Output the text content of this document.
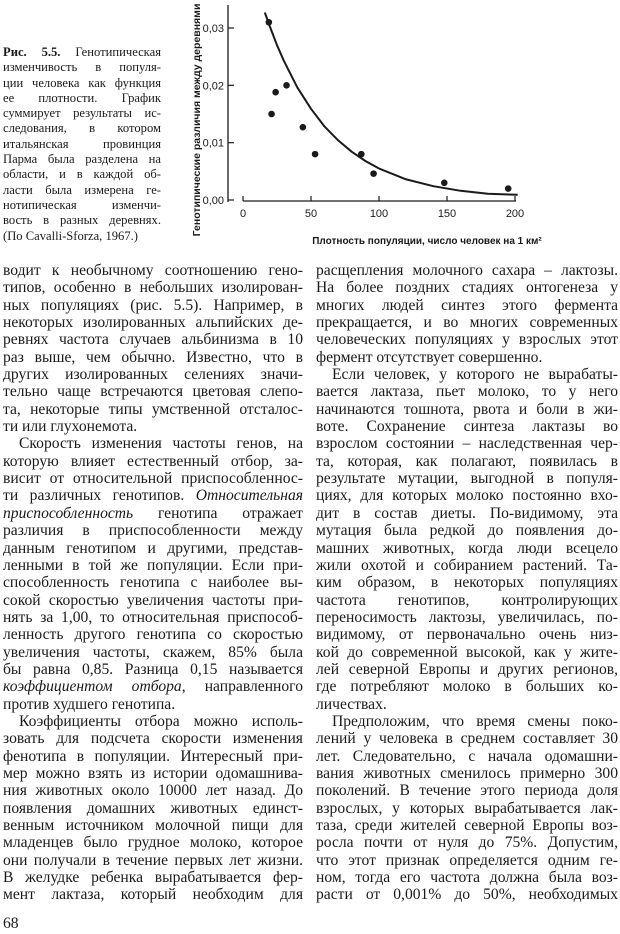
Рис. 5.5. Генотипическая
изменчивость в популя-
ции человека как функция
ее плотности. График
суммирует результаты ис-
следования, в котором
итальянская провинция
Парма была разделена на
области, и в каждой об-
ласти была измерена ге-
нотипическая изменчи-
вость в разных деревнях.
(По Cavalli-Sforza, 1967.)
0,00
0,01
0,02
0,03
0	50	100	150	200
Генотипические различия между деревнями
Плотность популяции, число человек на 1 км²
водит к необычному соотношению гено-
типов, особенно в небольших изолирован-
ных популяциях (рис. 5.5). Например, в
некоторых изолированных альпийских де-
ревнях частота случаев альбинизма в 10
раз выше, чем обычно. Известно, что в
других изолированных селениях значи-
тельно чаще встречаются цветовая слепо-
та, некоторые типы умственной отсталос-
ти или глухонемота.
Скорость изменения частоты генов, на
которую влияет естественный отбор, за-
висит от относительной приспособленнос-
ти различных генотипов. Относительная
приспособленность генотипа отражает
различия в приспособленности между
данным генотипом и другими, представ-
ленными в той же популяции. Если при-
способленность генотипа с наиболее вы-
сокой скоростью увеличения частоты при-
нять за 1,00, то относительная приспособ-
ленность другого генотипа со скоростью
увеличения частоты, скажем, 85% была
бы равна 0,85. Разница 0,15 называется
коэффициентом отбора, направленного
против худшего генотипа.
Коэффициенты отбора можно исполь-
зовать для подсчета скорости изменения
фенотипа в популяции. Интересный при-
мер можно взять из истории одомашнива-
ния животных около 10000 лет назад. До
появления домашних животных единст-
венным источником молочной пищи для
младенцев было грудное молоко, которое
они получали в течение первых лет жизни.
В желудке ребенка вырабатывается фер-
мент лактаза, который необходим для
расщепления молочного сахара – лактозы.
На более поздних стадиях онтогенеза у
многих людей синтез этого фермента
прекращается, и во многих современных
человеческих популяциях у взрослых этот
фермент отсутствует совершенно.
Если человек, у которого не вырабаты-
вается лактаза, пьет молоко, то у него
начинаются тошнота, рвота и боли в жи-
воте. Сохранение синтеза лактазы во
взрослом состоянии – наследственная чер-
та, которая, как полагают, появилась в
результате мутации, выгодной в популя-
циях, для которых молоко постоянно вхо-
дит в состав диеты. По-видимому, эта
мутация была редкой до появления до-
машних животных, когда люди всецело
жили охотой и собиранием растений. Та-
ким образом, в некоторых популяциях
частота генотипов, контролирующих
переносимость лактозы, увеличилась, по-
видимому, от первоначально очень низ-
кой до современной высокой, как у жите-
лей северной Европы и других регионов,
где потребляют молоко в больших ко-
личествах.
Предположим, что время смены поко-
лений у человека в среднем составляет 30
лет. Следовательно, с начала одомашни-
вания животных сменилось примерно 300
поколений. В течение этого периода доля
взрослых, у которых вырабатывается лак-
таза, среди жителей северной Европы воз-
росла почти от нуля до 75%. Допустим,
что этот признак определяется одним ге-
ном, тогда его частота должна была воз-
расти от 0,001% до 50%, необходимых
68
